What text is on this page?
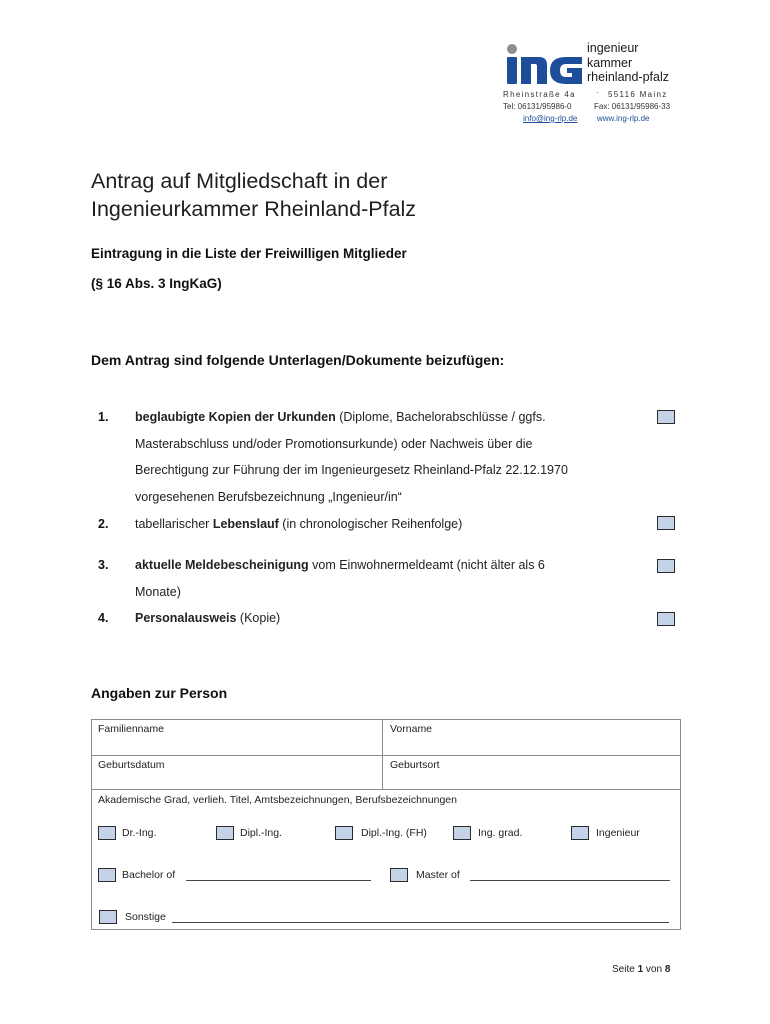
ingenieur
kammer
rheinland-pfalz
Rheinstraße 4a	· 55116 Mainz
Tel: 06131/95986-0	Fax: 06131/95986-33
info@ing-rlp.de www.ing-rlp.de
Antrag auf Mitgliedschaft in der
Ingenieurkammer Rheinland-Pfalz
Eintragung in die Liste der Freiwilligen Mitglieder
(§ 16 Abs. 3 IngKaG)
Dem Antrag sind folgende Unterlagen/Dokumente beizufügen:
1. beglaubigte Kopien der Urkunden (Diplome, Bachelorabschlüsse / ggfs.
Masterabschluss und/oder Promotionsurkunde) oder Nachweis über die
Berechtigung zur Führung der im Ingenieurgesetz Rheinland-Pfalz 22.12.1970
vorgesehenen Berufsbezeichnung „Ingenieur/in“
2. tabellarischer Lebenslauf (in chronologischer Reihenfolge)
3. aktuelle Meldebescheinigung vom Einwohnermeldeamt (nicht älter als 6
Monate)
4. Personalausweis (Kopie)
Angaben zur Person
Familienname	Vorname
Geburtsdatum	Geburtsort
Akademische Grad, verlieh. Titel, Amtsbezeichnungen, Berufsbezeichnungen
Dr.-Ing.	Dipl.-Ing.	Dipl.-Ing. (FH)	Ing. grad.	Ingenieur
Bachelor of	Master of
Sonstige
Seite 1 von 8
